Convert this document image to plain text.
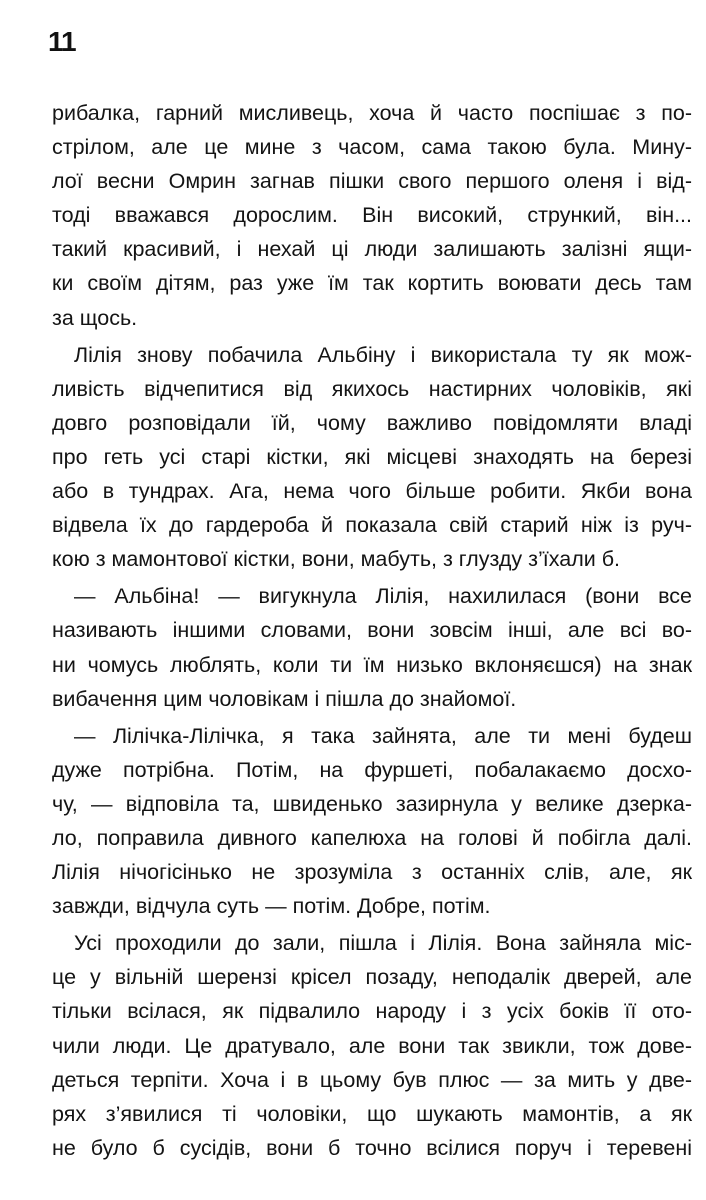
11
рибалка, гарний мисливець, хоча й часто поспішає з по-
стрілом, але це мине з часом, сама такою була. Мину-
лої весни Омрин загнав пішки свого першого оленя і від-
тоді вважався дорослим. Він високий, стрункий, він...
такий красивий, і нехай ці люди залишають залізні ящи-
ки своїм дітям, раз уже їм так кортить воювати десь там
за щось.
Лілія знову побачила Альбіну і використала ту як мож-
ливість відчепитися від якихось настирних чоловіків, які
довго розповідали їй, чому важливо повідомляти владі
про геть усі старі кістки, які місцеві знаходять на березі
або в тундрах. Ага, нема чого більше робити. Якби вона
відвела їх до гардероба й показала свій старий ніж із руч-
кою з мамонтової кістки, вони, мабуть, з глузду з’їхали б.
— Альбіна! — вигукнула Лілія, нахилилася (вони все
називають іншими словами, вони зовсім інші, але всі во-
ни чомусь люблять, коли ти їм низько вклоняєшся) на знак
вибачення цим чоловікам і пішла до знайомої.
— Лілічка-Лілічка, я така зайнята, але ти мені будеш
дуже потрібна. Потім, на фуршеті, побалакаємо досхо-
чу, — відповіла та, швиденько зазирнула у велике дзерка-
ло, поправила дивного капелюха на голові й побігла далі.
Лілія нічогісінько не зрозуміла з останніх слів, але, як
завжди, відчула суть — потім. Добре, потім.
Усі проходили до зали, пішла і Лілія. Вона зайняла міс-
це у вільній шерензі крісел позаду, неподалік дверей, але
тільки всілася, як підвалило народу і з усіх боків її ото-
чили люди. Це дратувало, але вони так звикли, тож дове-
деться терпіти. Хоча і в цьому був плюс — за мить у две-
рях з’явилися ті чоловіки, що шукають мамонтів, а як
не було б сусідів, вони б точно всілися поруч і теревені
